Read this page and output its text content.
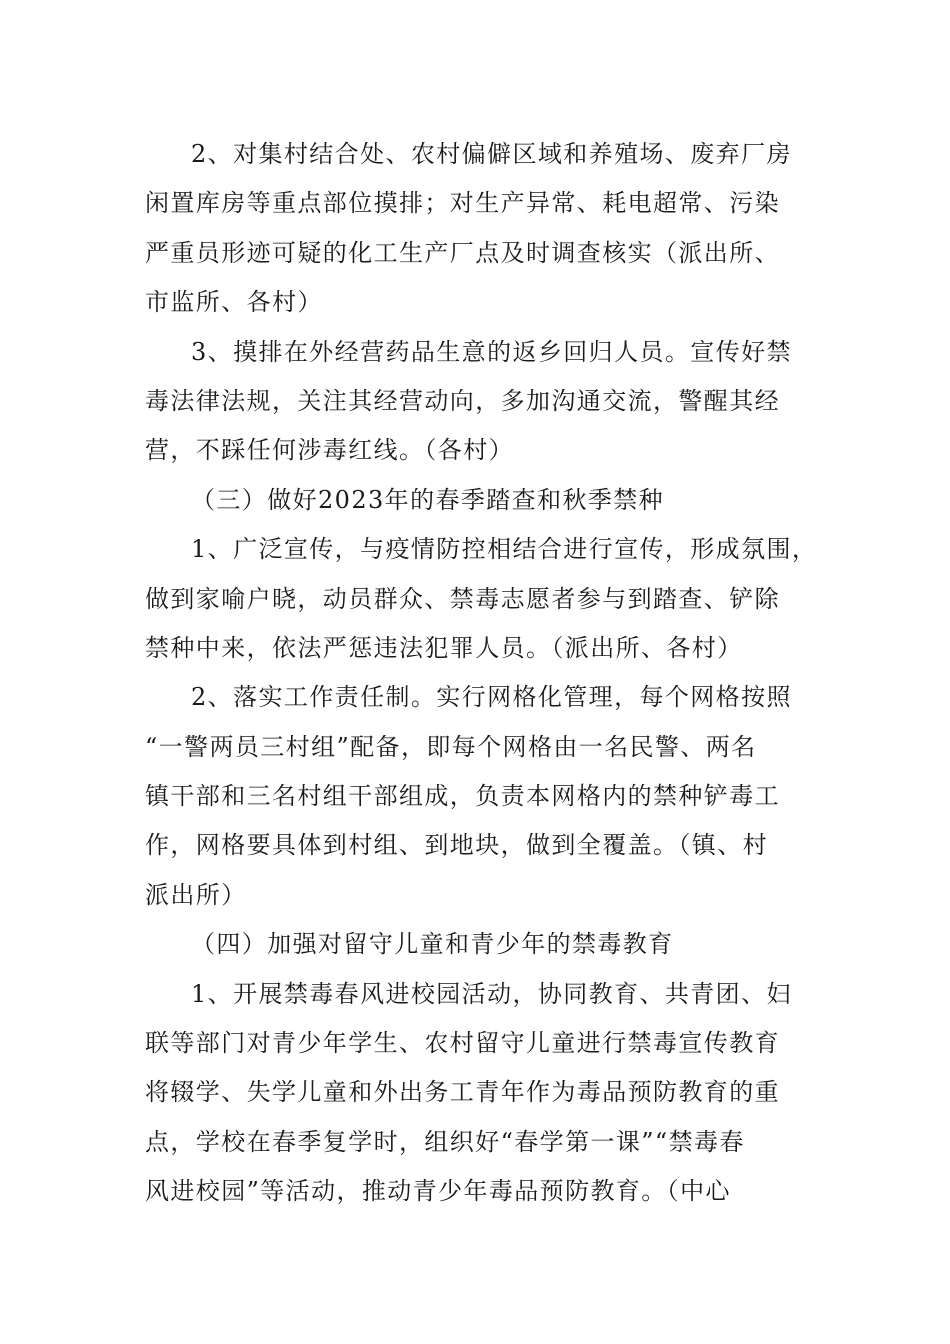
2、对集村结合处、农村偏僻区域和养殖场、废弃厂房
闲置库房等重点部位摸排；对生产异常、耗电超常、污染
严重员形迹可疑的化工生产厂点及时调查核实（派出所、
市监所、各村）
3、摸排在外经营药品生意的返乡回归人员。宣传好禁
毒法律法规，关注其经营动向，多加沟通交流，警醒其经
营，不踩任何涉毒红线。（各村）
（三）做好2023年的春季踏查和秋季禁种
1、广泛宣传，与疫情防控相结合进行宣传，形成氛围，
做到家喻户晓，动员群众、禁毒志愿者参与到踏查、铲除
禁种中来，依法严惩违法犯罪人员。（派出所、各村）
2、落实工作责任制。实行网格化管理，每个网格按照
“一警两员三村组”配备，即每个网格由一名民警、两名
镇干部和三名村组干部组成，负责本网格内的禁种铲毒工
作，网格要具体到村组、到地块，做到全覆盖。（镇、村
派出所）
（四）加强对留守儿童和青少年的禁毒教育
1、开展禁毒春风进校园活动，协同教育、共青团、妇
联等部门对青少年学生、农村留守儿童进行禁毒宣传教育
将辍学、失学儿童和外出务工青年作为毒品预防教育的重
点，学校在春季复学时，组织好“春学第一课”“禁毒春
风进校园”等活动，推动青少年毒品预防教育。（中心
